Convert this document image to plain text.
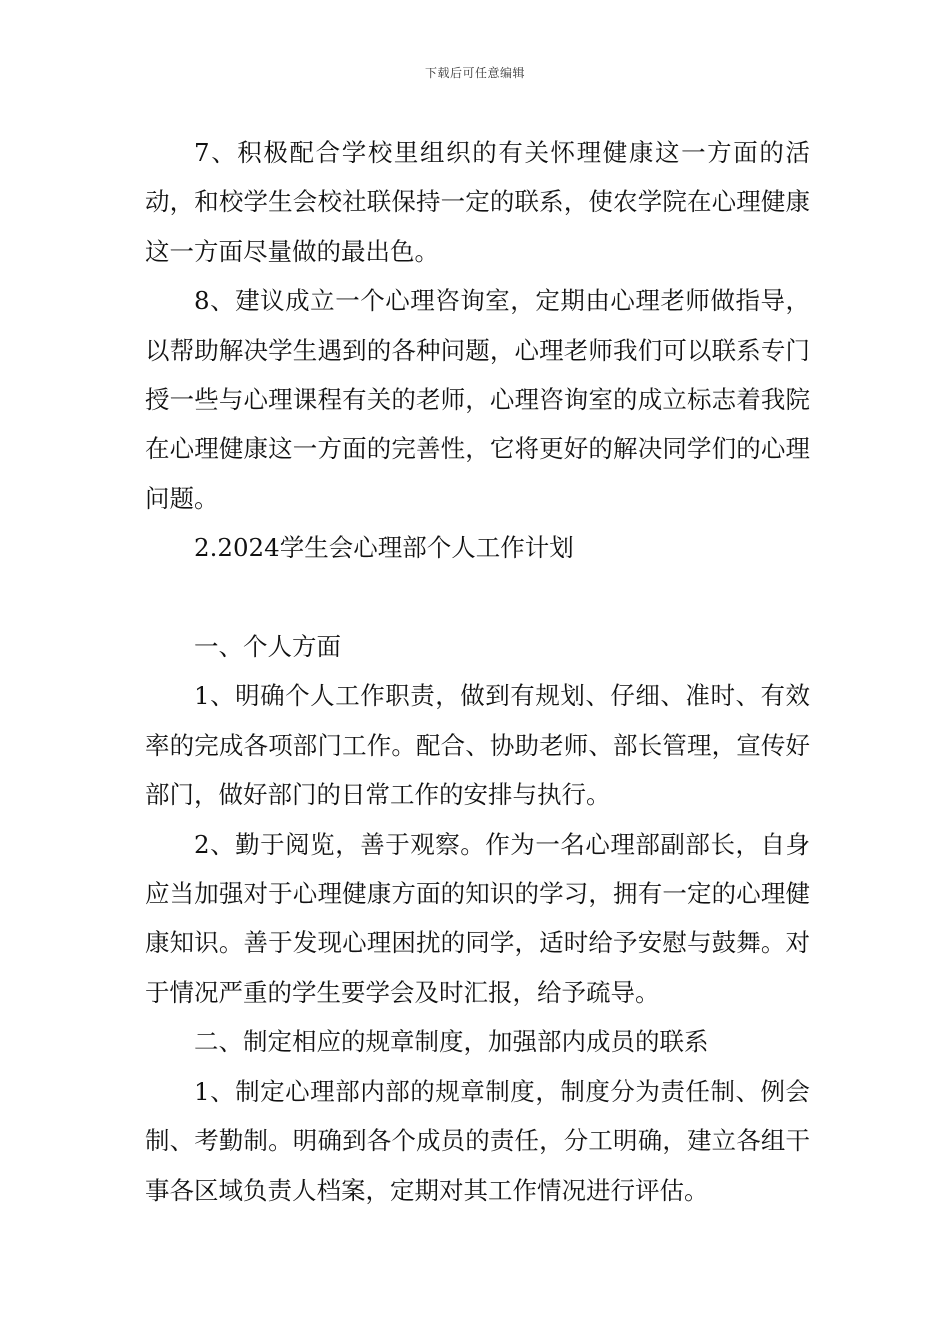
下载后可任意编辑

7、积极配合学校里组织的有关怀理健康这一方面的活动，和校学生会校社联保持一定的联系，使农学院在心理健康这一方面尽量做的最出色。

8、建议成立一个心理咨询室，定期由心理老师做指导，以帮助解决学生遇到的各种问题，心理老师我们可以联系专门授一些与心理课程有关的老师，心理咨询室的成立标志着我院在心理健康这一方面的完善性，它将更好的解决同学们的心理问题。

2.2024学生会心理部个人工作计划

一、个人方面

1、明确个人工作职责，做到有规划、仔细、准时、有效率的完成各项部门工作。配合、协助老师、部长管理，宣传好部门，做好部门的日常工作的安排与执行。

2、勤于阅览，善于观察。作为一名心理部副部长，自身应当加强对于心理健康方面的知识的学习，拥有一定的心理健康知识。善于发现心理困扰的同学，适时给予安慰与鼓舞。对于情况严重的学生要学会及时汇报，给予疏导。

二、制定相应的规章制度，加强部内成员的联系

1、制定心理部内部的规章制度，制度分为责任制、例会制、考勤制。明确到各个成员的责任，分工明确，建立各组干事各区域负责人档案，定期对其工作情况进行评估。
